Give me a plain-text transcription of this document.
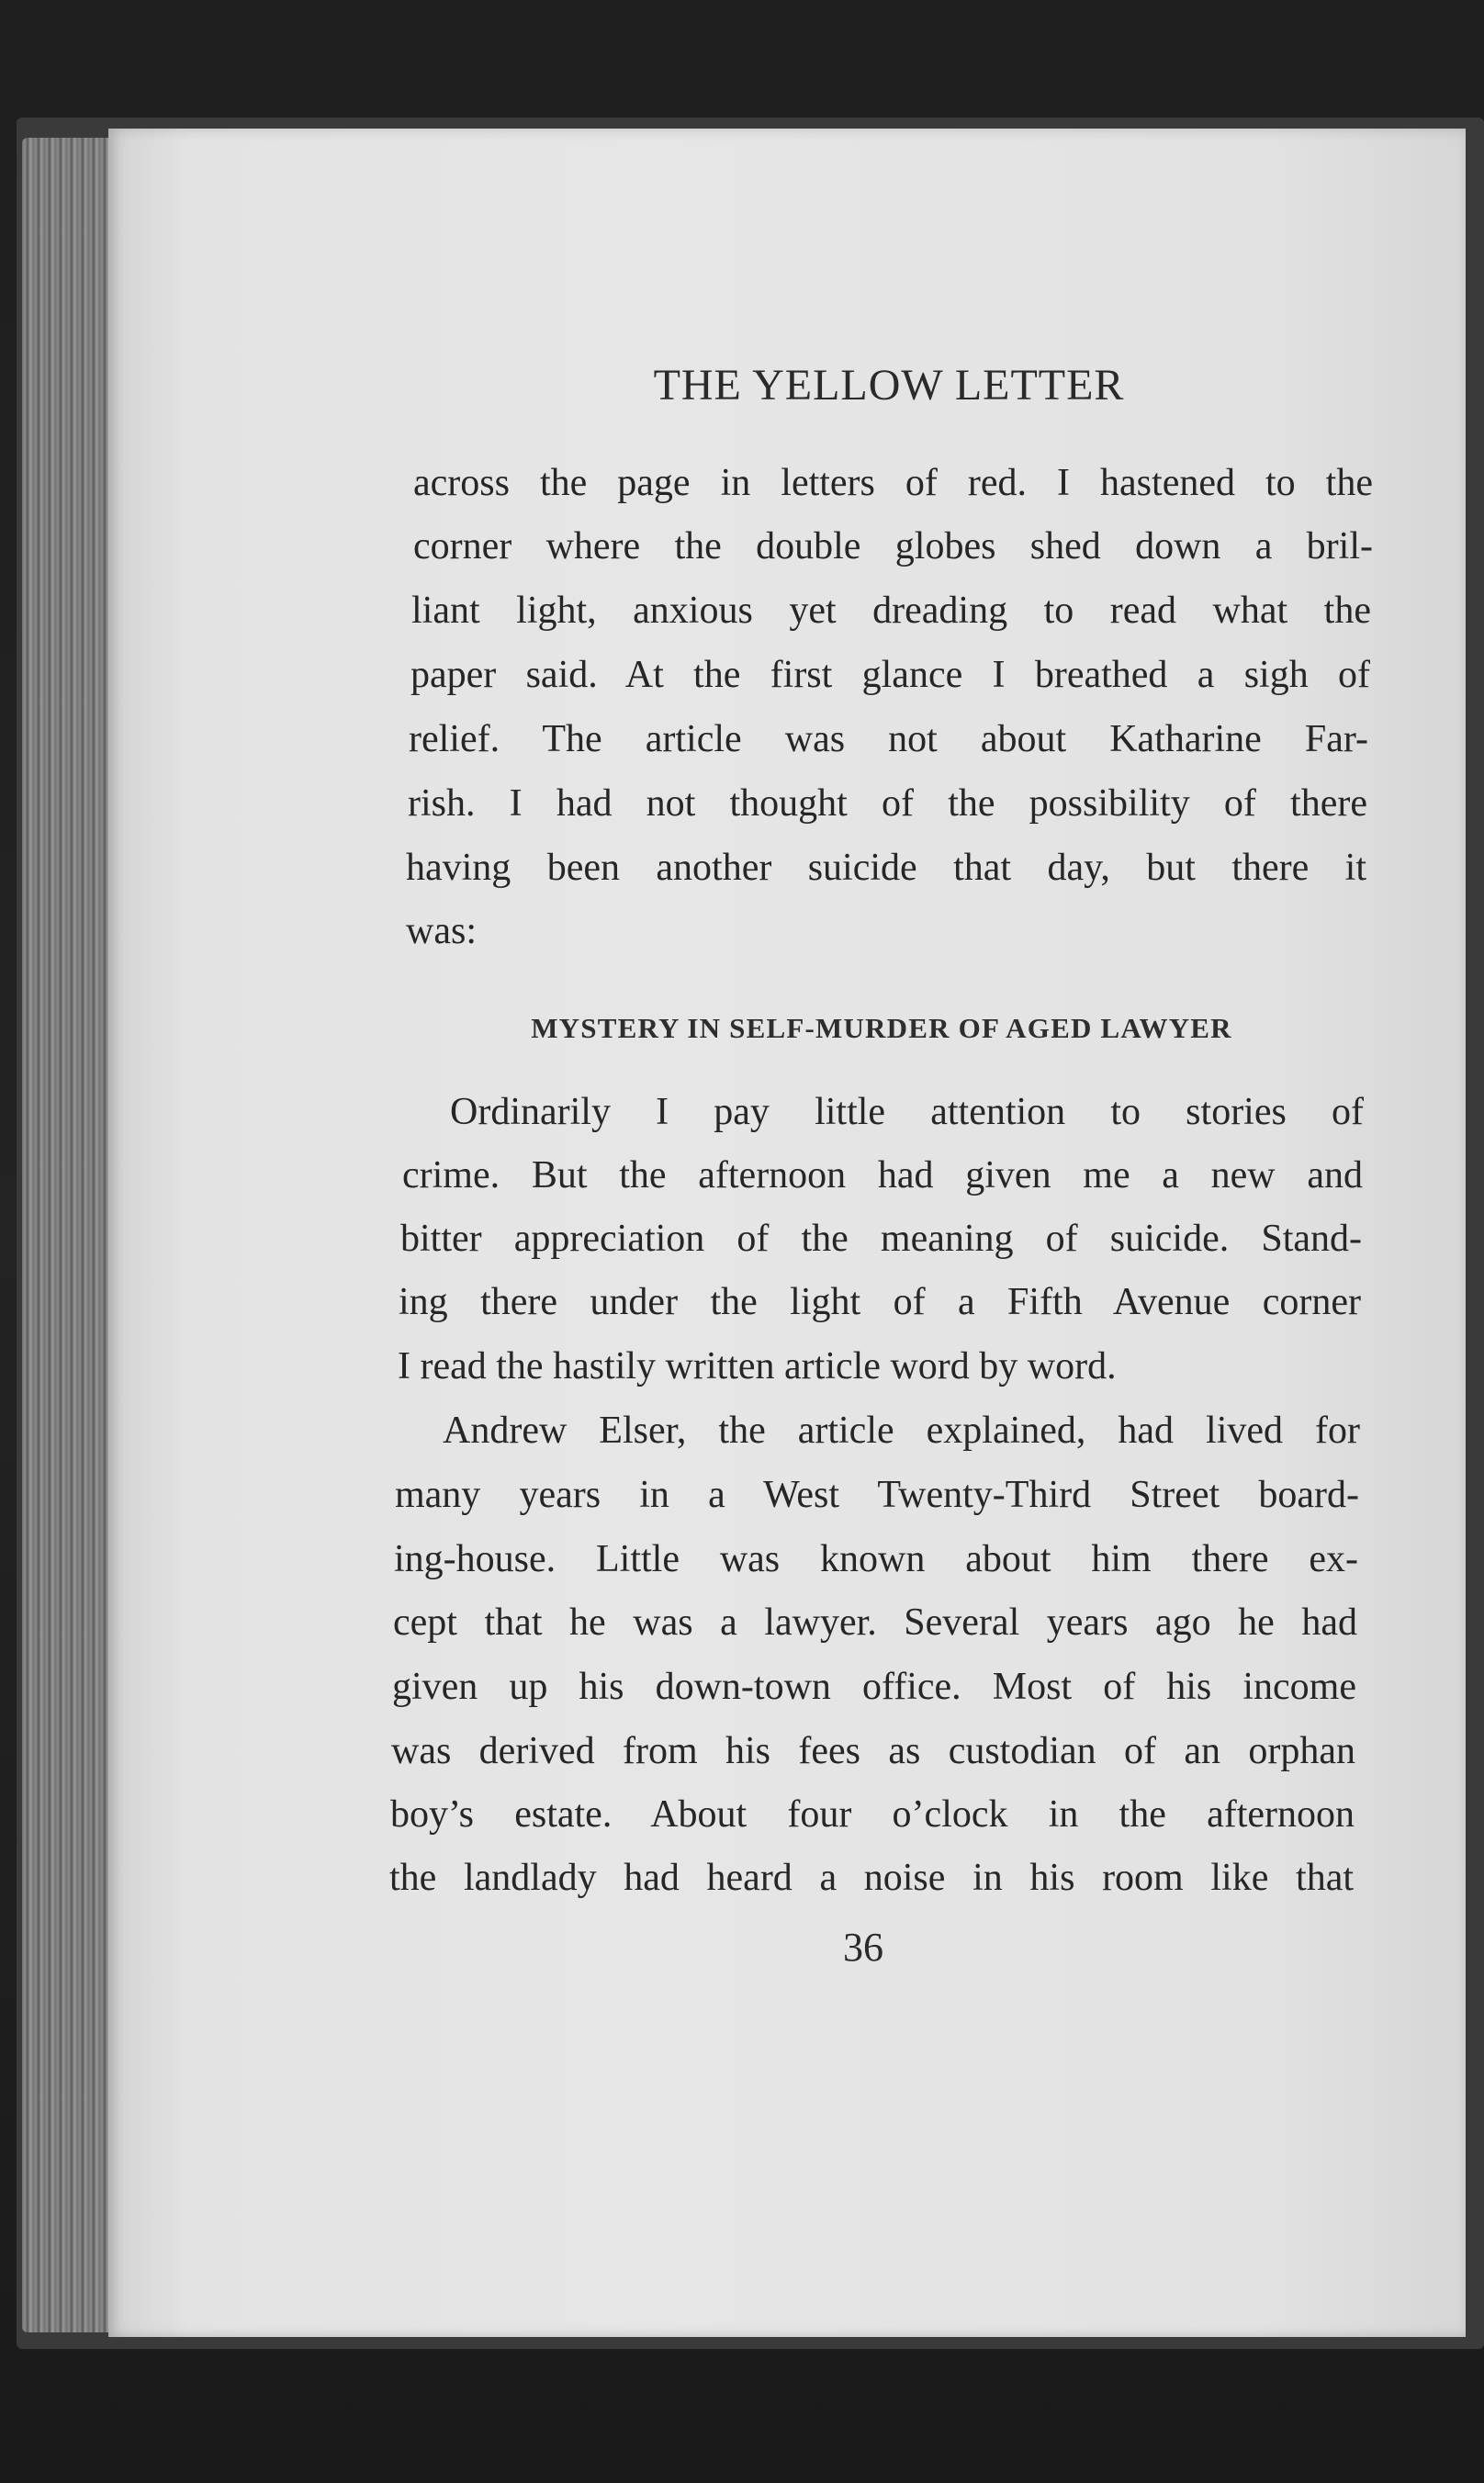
THE YELLOW LETTER
across the page in letters of red. I hastened to the
corner where the double globes shed down a bril-
liant light, anxious yet dreading to read what the
paper said. At the first glance I breathed a sigh of
relief. The article was not about Katharine Far-
rish. I had not thought of the possibility of there
having been another suicide that day, but there it
was:
MYSTERY IN SELF-MURDER OF AGED LAWYER
Ordinarily I pay little attention to stories of
crime. But the afternoon had given me a new and
bitter appreciation of the meaning of suicide. Stand-
ing there under the light of a Fifth Avenue corner
I read the hastily written article word by word.
Andrew Elser, the article explained, had lived for
many years in a West Twenty-Third Street board-
ing-house. Little was known about him there ex-
cept that he was a lawyer. Several years ago he had
given up his down-town office. Most of his income
was derived from his fees as custodian of an orphan
boy’s estate. About four o’clock in the afternoon
the landlady had heard a noise in his room like that
36
